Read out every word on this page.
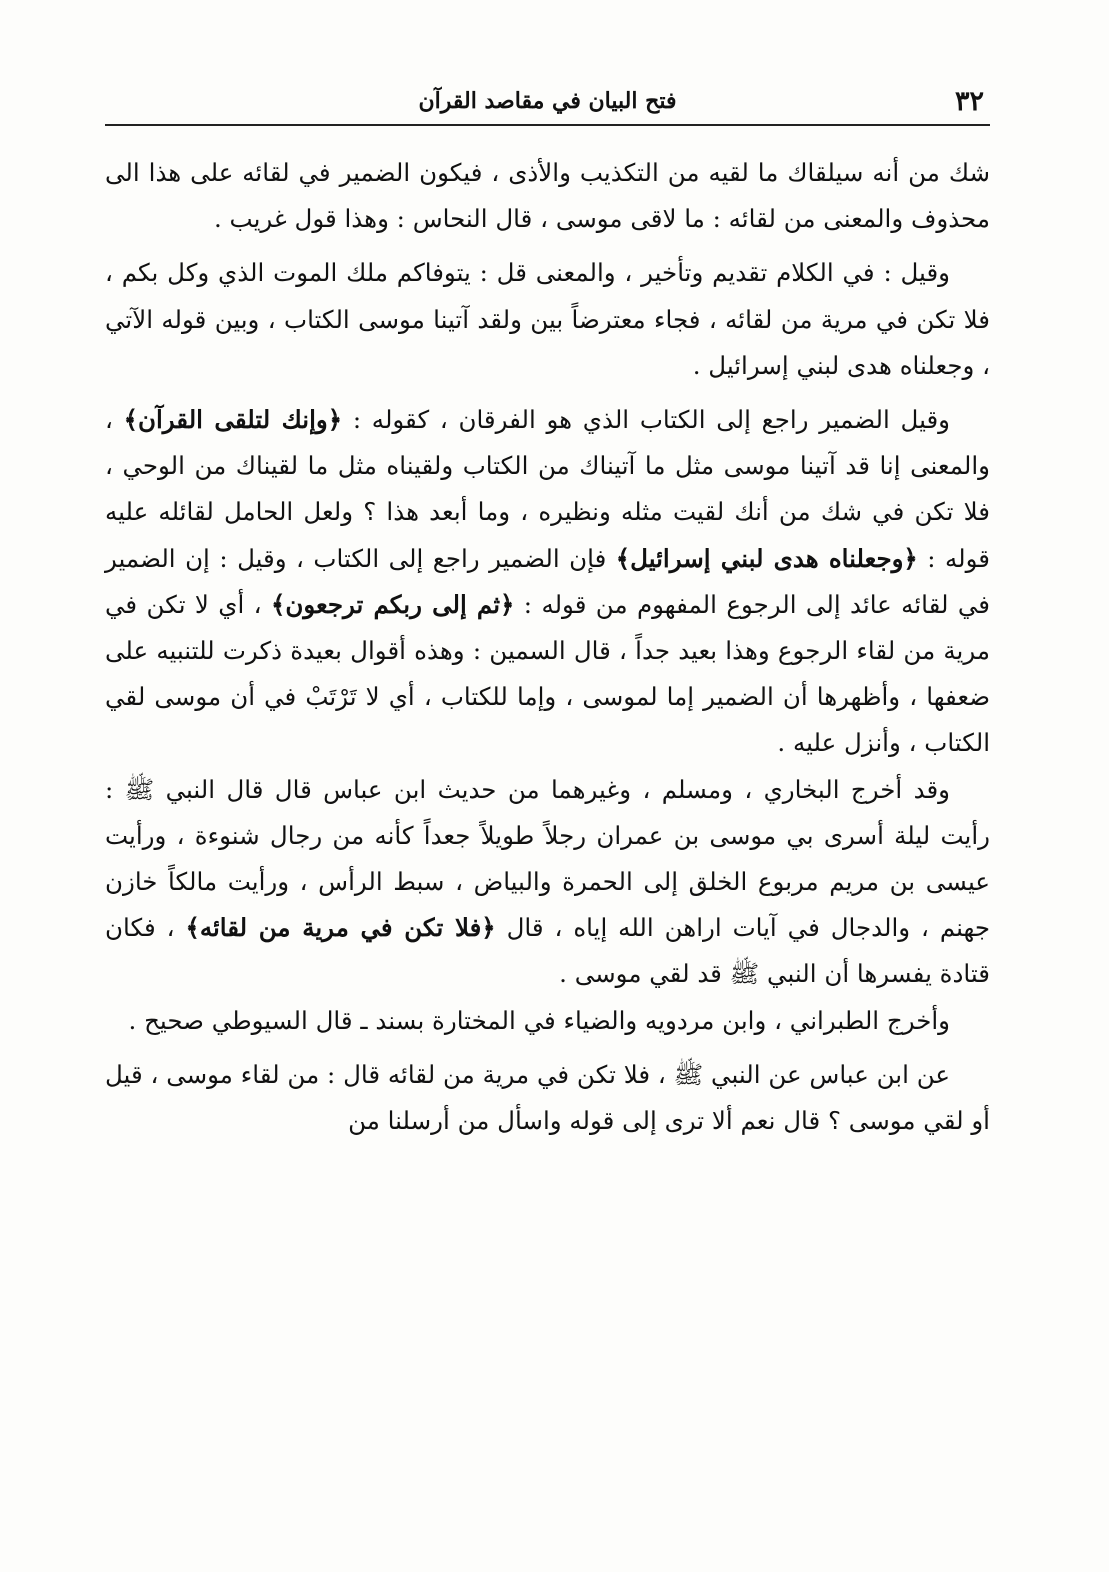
٣٢
فتح البيان في مقاصد القرآن

شك من أنه سيلقاك ما لقيه من التكذيب والأذى ، فيكون الضمير في لقائه على هذا الى محذوف والمعنى من لقائه : ما لاقى موسى ، قال النحاس : وهذا قول غريب .

وقيل : في الكلام تقديم وتأخير ، والمعنى قل : يتوفاكم ملك الموت الذي وكل بكم ، فلا تكن في مرية من لقائه ، فجاء معترضاً بين ولقد آتينا موسى الكتاب ، وبين قوله الآتي ، وجعلناه هدى لبني إسرائيل .

وقيل الضمير راجع إلى الكتاب الذي هو الفرقان ، كقوله : ﴿وإنك لتلقى القرآن﴾ ، والمعنى إنا قد آتينا موسى مثل ما آتيناك من الكتاب ولقيناه مثل ما لقيناك من الوحي ، فلا تكن في شك من أنك لقيت مثله ونظيره ، وما أبعد هذا ؟ ولعل الحامل لقائله عليه قوله : ﴿وجعلناه هدى لبني إسرائيل﴾ فإن الضمير راجع إلى الكتاب ، وقيل : إن الضمير في لقائه عائد إلى الرجوع المفهوم من قوله : ﴿ثم إلى ربكم ترجعون﴾ ، أي لا تكن في مرية من لقاء الرجوع وهذا بعيد جداً ، قال السمين : وهذه أقوال بعيدة ذكرت للتنبيه على ضعفها ، وأظهرها أن الضمير إما لموسى ، وإما للكتاب ، أي لا تَرْتَبْ في أن موسى لقي الكتاب ، وأنزل عليه .

وقد أخرج البخاري ، ومسلم ، وغيرهما من حديث ابن عباس قال قال النبي ﷺ : رأيت ليلة أسرى بي موسى بن عمران رجلاً طويلاً جعداً كأنه من رجال شنوءة ، ورأيت عيسى بن مريم مربوع الخلق إلى الحمرة والبياض ، سبط الرأس ، ورأيت مالكاً خازن جهنم ، والدجال في آيات اراهن الله إياه ، قال ﴿فلا تكن في مرية من لقائه﴾ ، فكان قتادة يفسرها أن النبي ﷺ قد لقي موسى .

وأخرج الطبراني ، وابن مردويه والضياء في المختارة بسند ـ قال السيوطي صحيح .

عن ابن عباس عن النبي ﷺ ، فلا تكن في مرية من لقائه قال : من لقاء موسى ، قيل أو لقي موسى ؟ قال نعم ألا ترى إلى قوله واسأل من أرسلنا من
